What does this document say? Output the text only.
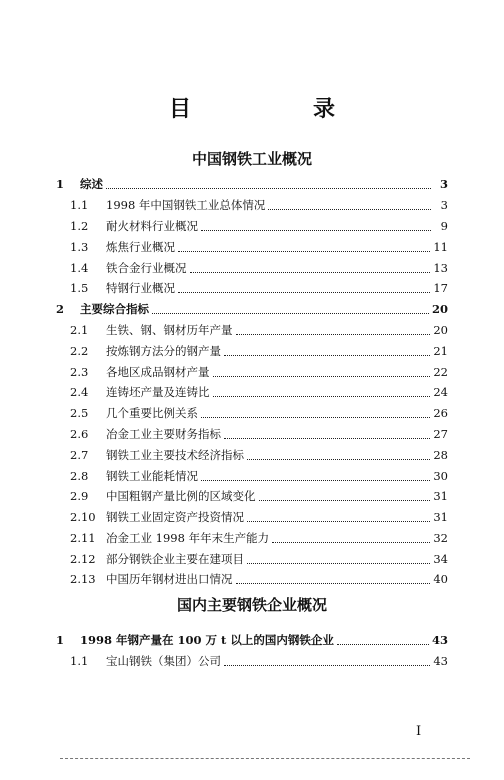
目　　录
中国钢铁工业概况
1	综述	3
1.1	1998 年中国钢铁工业总体情况	3
1.2	耐火材料行业概况	9
1.3	炼焦行业概况	11
1.4	铁合金行业概况	13
1.5	特钢行业概况	17
2	主要综合指标	20
2.1	生铁、钢、钢材历年产量	20
2.2	按炼钢方法分的钢产量	21
2.3	各地区成品钢材产量	22
2.4	连铸坯产量及连铸比	24
2.5	几个重要比例关系	26
2.6	冶金工业主要财务指标	27
2.7	钢铁工业主要技术经济指标	28
2.8	钢铁工业能耗情况	30
2.9	中国粗钢产量比例的区域变化	31
2.10 钢铁工业固定资产投资情况	31
2.11 冶金工业 1998 年年末生产能力	32
2.12 部分钢铁企业主要在建项目	34
2.13 中国历年钢材进出口情况	40
国内主要钢铁企业概况
1	1998 年钢产量在 100 万 t 以上的国内钢铁企业	43
1.1	宝山钢铁（集团）公司	43
I
